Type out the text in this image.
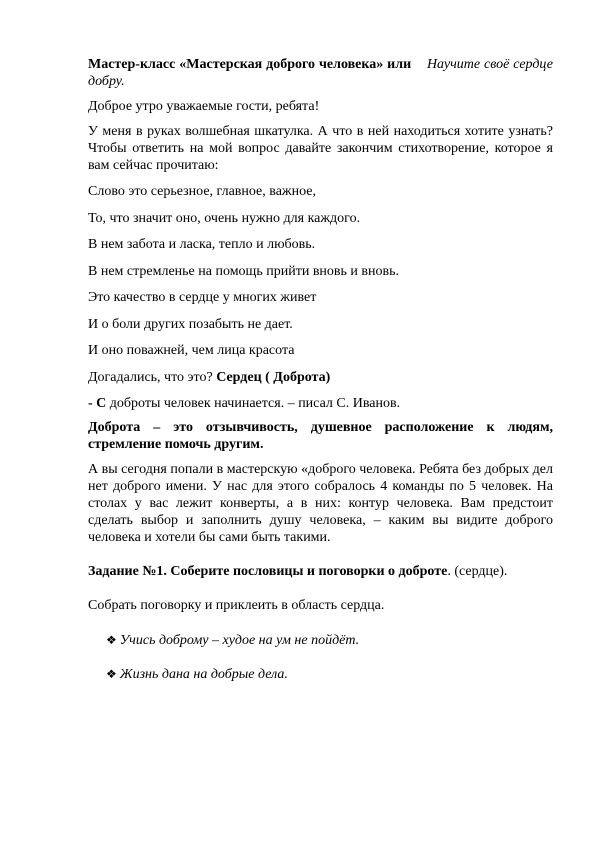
Мастер-класс «Мастерская доброго человека» или Научите своё сердце добру.

Доброе утро уважаемые гости, ребята!

У меня в руках волшебная шкатулка. А что в ней находиться хотите узнать? Чтобы ответить на мой вопрос давайте закончим стихотворение, которое я вам сейчас прочитаю:

Слово это серьезное, главное, важное,

То, что значит оно, очень нужно для каждого.

В нем забота и ласка, тепло и любовь.

В нем стремленье на помощь прийти вновь и вновь.

Это качество в сердце у многих живет

И о боли других позабыть не дает.

И оно поважней, чем лица красота

Догадались, что это? Сердец ( Доброта)

- С доброты человек начинается. – писал С. Иванов.

Доброта – это отзывчивость, душевное расположение к людям, стремление помочь другим.

А вы сегодня попали в мастерскую «доброго человека. Ребята без добрых дел нет доброго имени. У нас для этого собралось 4 команды по 5 человек. На столах у вас лежит конверты, а в них: контур человека. Вам предстоит сделать выбор и заполнить душу человека, – каким вы видите доброго человека и хотели бы сами быть такими.

Задание №1. Соберите пословицы и поговорки о доброте. (сердце).

Собрать поговорку и приклеить в область сердца.

❖ Учись доброму – худое на ум не пойдёт.

❖ Жизнь дана на добрые дела.
